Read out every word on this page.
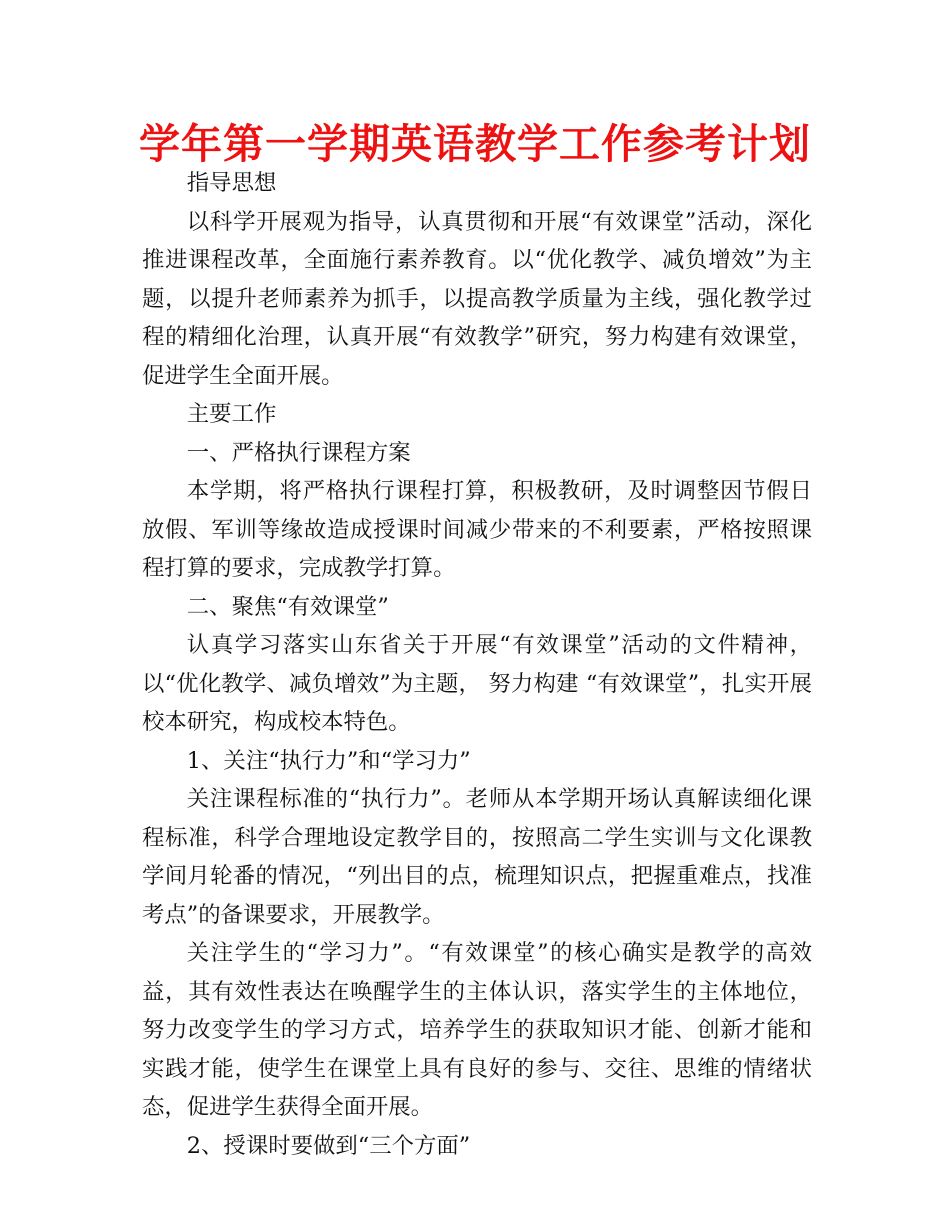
学年第一学期英语教学工作参考计划

指导思想

以科学开展观为指导，认真贯彻和开展“有效课堂”活动，深化推进课程改革，全面施行素养教育。以“优化教学、减负增效”为主题，以提升老师素养为抓手，以提高教学质量为主线，强化教学过程的精细化治理，认真开展“有效教学”研究，努力构建有效课堂，促进学生全面开展。

主要工作

一、严格执行课程方案

本学期，将严格执行课程打算，积极教研，及时调整因节假日放假、军训等缘故造成授课时间减少带来的不利要素，严格按照课程打算的要求，完成教学打算。

二、聚焦“有效课堂”

认真学习落实山东省关于开展“有效课堂”活动的文件精神，以“优化教学、减负增效”为主题， 努力构建 “有效课堂”，扎实开展校本研究，构成校本特色。

1、关注“执行力”和“学习力”

关注课程标准的“执行力”。老师从本学期开场认真解读细化课程标准，科学合理地设定教学目的，按照高二学生实训与文化课教学间月轮番的情况，“列出目的点，梳理知识点，把握重难点，找准考点”的备课要求，开展教学。

关注学生的“学习力”。“有效课堂”的核心确实是教学的高效益，其有效性表达在唤醒学生的主体认识，落实学生的主体地位，努力改变学生的学习方式，培养学生的获取知识才能、创新才能和实践才能，使学生在课堂上具有良好的参与、交往、思维的情绪状态，促进学生获得全面开展。

2、授课时要做到“三个方面”
